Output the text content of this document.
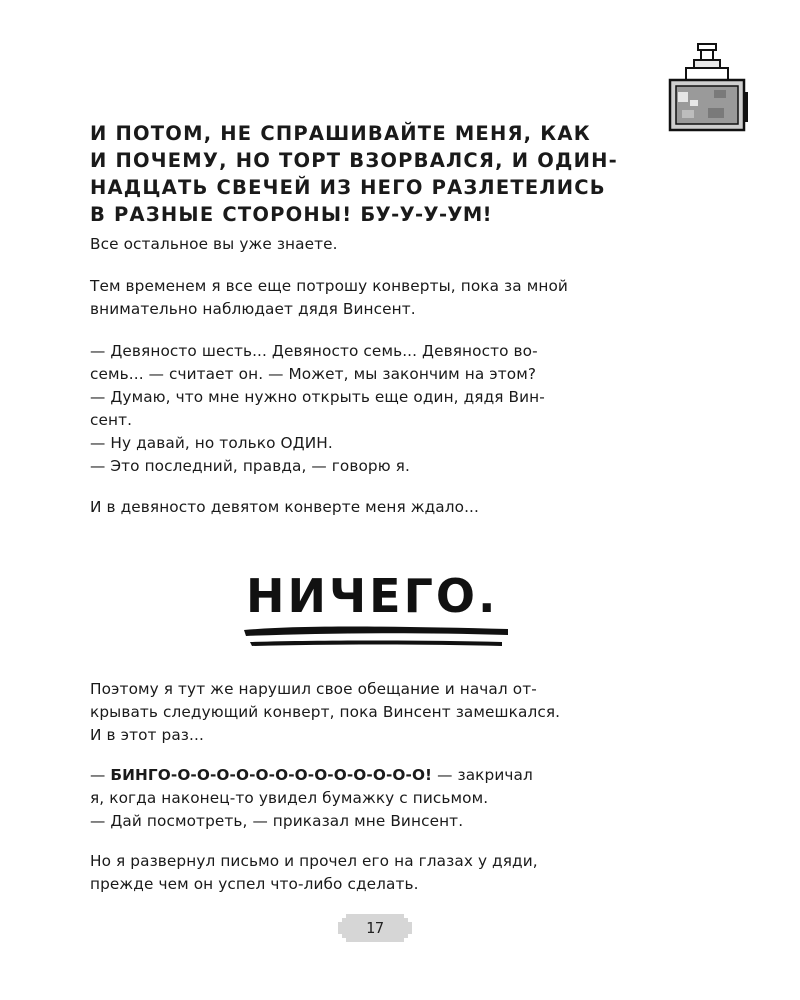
И ПОТОМ, НЕ СПРАШИВАЙТЕ МЕНЯ, КАК
И ПОЧЕМУ, НО ТОРТ ВЗОРВАЛСЯ, И ОДИН-
НАДЦАТЬ СВЕЧЕЙ ИЗ НЕГО РАЗЛЕТЕЛИСЬ
В РАЗНЫЕ СТОРОНЫ! БУ-У-У-УМ!

Все остальное вы уже знаете.

Тем временем я все еще потрошу конверты, пока за мной
внимательно наблюдает дядя Винсент.

— Девяносто шесть... Девяносто семь... Девяносто во-
семь... — считает он. — Может, мы закончим на этом?
— Думаю, что мне нужно открыть еще один, дядя Вин-
сент.
— Ну давай, но только ОДИН.
— Это последний, правда, — говорю я.

И в девяносто девятом конверте меня ждало...

НИЧЕГО.

Поэтому я тут же нарушил свое обещание и начал от-
крывать следующий конверт, пока Винсент замешкался.
И в этот раз...

— БИНГО-О-О-О-О-О-О-О-О-О-О-О-О-О! — закричал
я, когда наконец-то увидел бумажку с письмом.
— Дай посмотреть, — приказал мне Винсент.

Но я развернул письмо и прочел его на глазах у дяди,
прежде чем он успел что-либо сделать.

17
